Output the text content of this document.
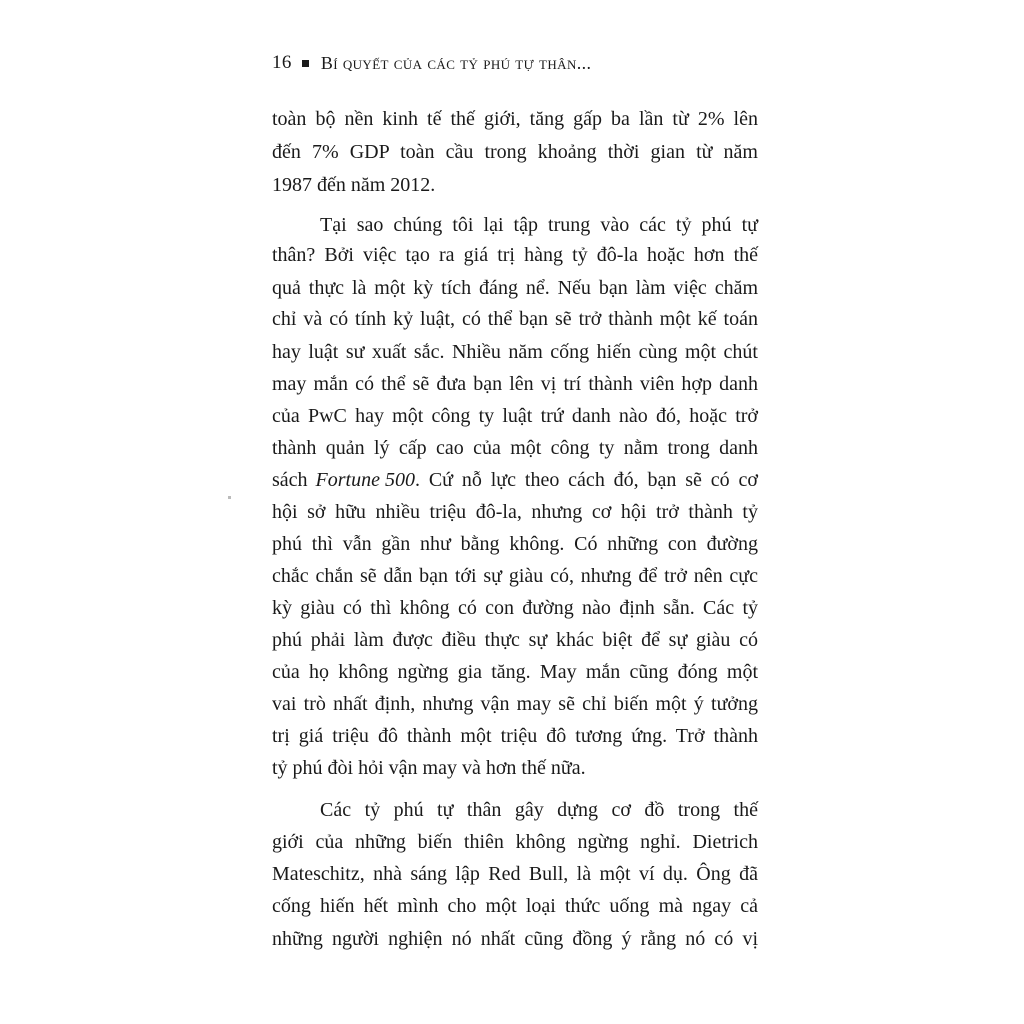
16 Bí quyết của các tỷ phú tự thân...
toàn bộ nền kinh tế thế giới, tăng gấp ba lần từ 2% lên
đến 7% GDP toàn cầu trong khoảng thời gian từ năm
1987 đến năm 2012.
Tại sao chúng tôi lại tập trung vào các tỷ phú tự
thân? Bởi việc tạo ra giá trị hàng tỷ đô-la hoặc hơn thế
quả thực là một kỳ tích đáng nể. Nếu bạn làm việc chăm
chỉ và có tính kỷ luật, có thể bạn sẽ trở thành một kế toán
hay luật sư xuất sắc. Nhiều năm cống hiến cùng một chút
may mắn có thể sẽ đưa bạn lên vị trí thành viên hợp danh
của PwC hay một công ty luật trứ danh nào đó, hoặc trở
thành quản lý cấp cao của một công ty nằm trong danh
sách Fortune 500 . Cứ nỗ lực theo cách đó, bạn sẽ có cơ
hội sở hữu nhiều triệu đô-la, nhưng cơ hội trở thành tỷ
phú thì vẫn gần như bằng không. Có những con đường
chắc chắn sẽ dẫn bạn tới sự giàu có, nhưng để trở nên cực
kỳ giàu có thì không có con đường nào định sẵn. Các tỷ
phú phải làm được điều thực sự khác biệt để sự giàu có
của họ không ngừng gia tăng. May mắn cũng đóng một
vai trò nhất định, nhưng vận may sẽ chỉ biến một ý tưởng
trị giá triệu đô thành một triệu đô tương ứng. Trở thành
tỷ phú đòi hỏi vận may và hơn thế nữa.
Các tỷ phú tự thân gây dựng cơ đồ trong thế
giới của những biến thiên không ngừng nghỉ. Dietrich
Mateschitz, nhà sáng lập Red Bull, là một ví dụ. Ông đã
cống hiến hết mình cho một loại thức uống mà ngay cả
những người nghiện nó nhất cũng đồng ý rằng nó có vị
